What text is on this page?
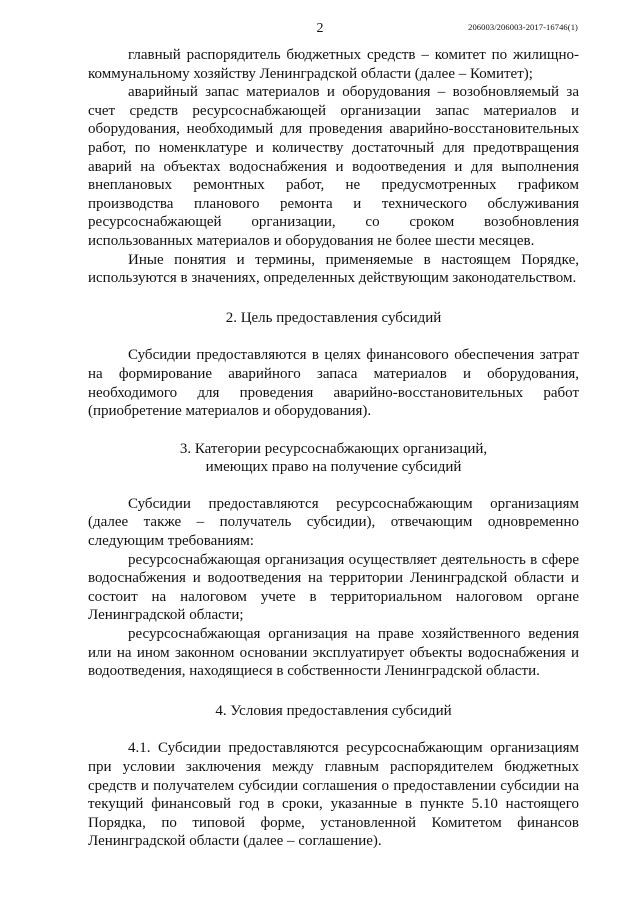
2	206003/206003-2017-16746(1)

главный распорядитель бюджетных средств – комитет по жилищно-коммунальному хозяйству Ленинградской области (далее – Комитет);

аварийный запас материалов и оборудования – возобновляемый за счет средств ресурсоснабжающей организации запас материалов и оборудования, необходимый для проведения аварийно-восстановительных работ, по номенклатуре и количеству достаточный для предотвращения аварий на объектах водоснабжения и водоотведения и для выполнения внеплановых ремонтных работ, не предусмотренных графиком производства планового ремонта и технического обслуживания ресурсоснабжающей организации, со сроком возобновления использованных материалов и оборудования не более шести месяцев.

Иные понятия и термины, применяемые в настоящем Порядке, используются в значениях, определенных действующим законодательством.

2. Цель предоставления субсидий

Субсидии предоставляются в целях финансового обеспечения затрат на формирование аварийного запаса материалов и оборудования, необходимого для проведения аварийно-восстановительных работ (приобретение материалов и оборудования).

3. Категории ресурсоснабжающих организаций,

имеющих право на получение субсидий

Субсидии предоставляются ресурсоснабжающим организациям (далее также – получатель субсидии), отвечающим одновременно следующим требованиям:

ресурсоснабжающая организация осуществляет деятельность в сфере водоснабжения и водоотведения на территории Ленинградской области и состоит на налоговом учете в территориальном налоговом органе Ленинградской области;

ресурсоснабжающая организация на праве хозяйственного ведения или на ином законном основании эксплуатирует объекты водоснабжения и водоотведения, находящиеся в собственности Ленинградской области.

4. Условия предоставления субсидий

4.1. Субсидии предоставляются ресурсоснабжающим организациям при условии заключения между главным распорядителем бюджетных средств и получателем субсидии соглашения о предоставлении субсидии на текущий финансовый год в сроки, указанные в пункте 5.10 настоящего Порядка, по типовой форме, установленной Комитетом финансов Ленинградской области (далее – соглашение).
